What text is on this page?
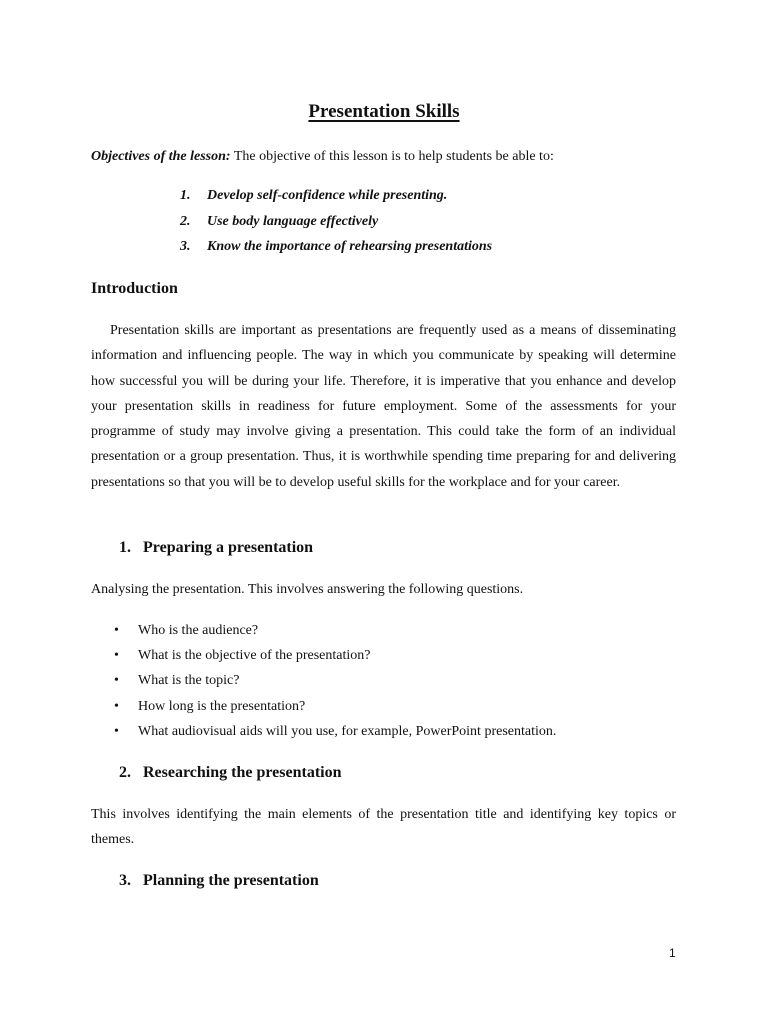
Presentation Skills
Objectives of the lesson: The objective of this lesson is to help students be able to:
1. Develop self-confidence while presenting.
2. Use body language effectively
3. Know the importance of rehearsing presentations
Introduction

Presentation skills are important as presentations are frequently used as a means of disseminating information and influencing people. The way in which you communicate by speaking will determine how successful you will be during your life. Therefore, it is imperative that you enhance and develop your presentation skills in readiness for future employment. Some of the assessments for your programme of study may involve giving a presentation. This could take the form of an individual presentation or a group presentation. Thus, it is worthwhile spending time preparing for and delivering presentations so that you will be to develop useful skills for the workplace and for your career.

1. Preparing a presentation

Analysing the presentation. This involves answering the following questions.

• Who is the audience?
• What is the objective of the presentation?
• What is the topic?
• How long is the presentation?
• What audiovisual aids will you use, for example, PowerPoint presentation.
2. Researching the presentation

This involves identifying the main elements of the presentation title and identifying key topics or themes.

3. Planning the presentation
1
